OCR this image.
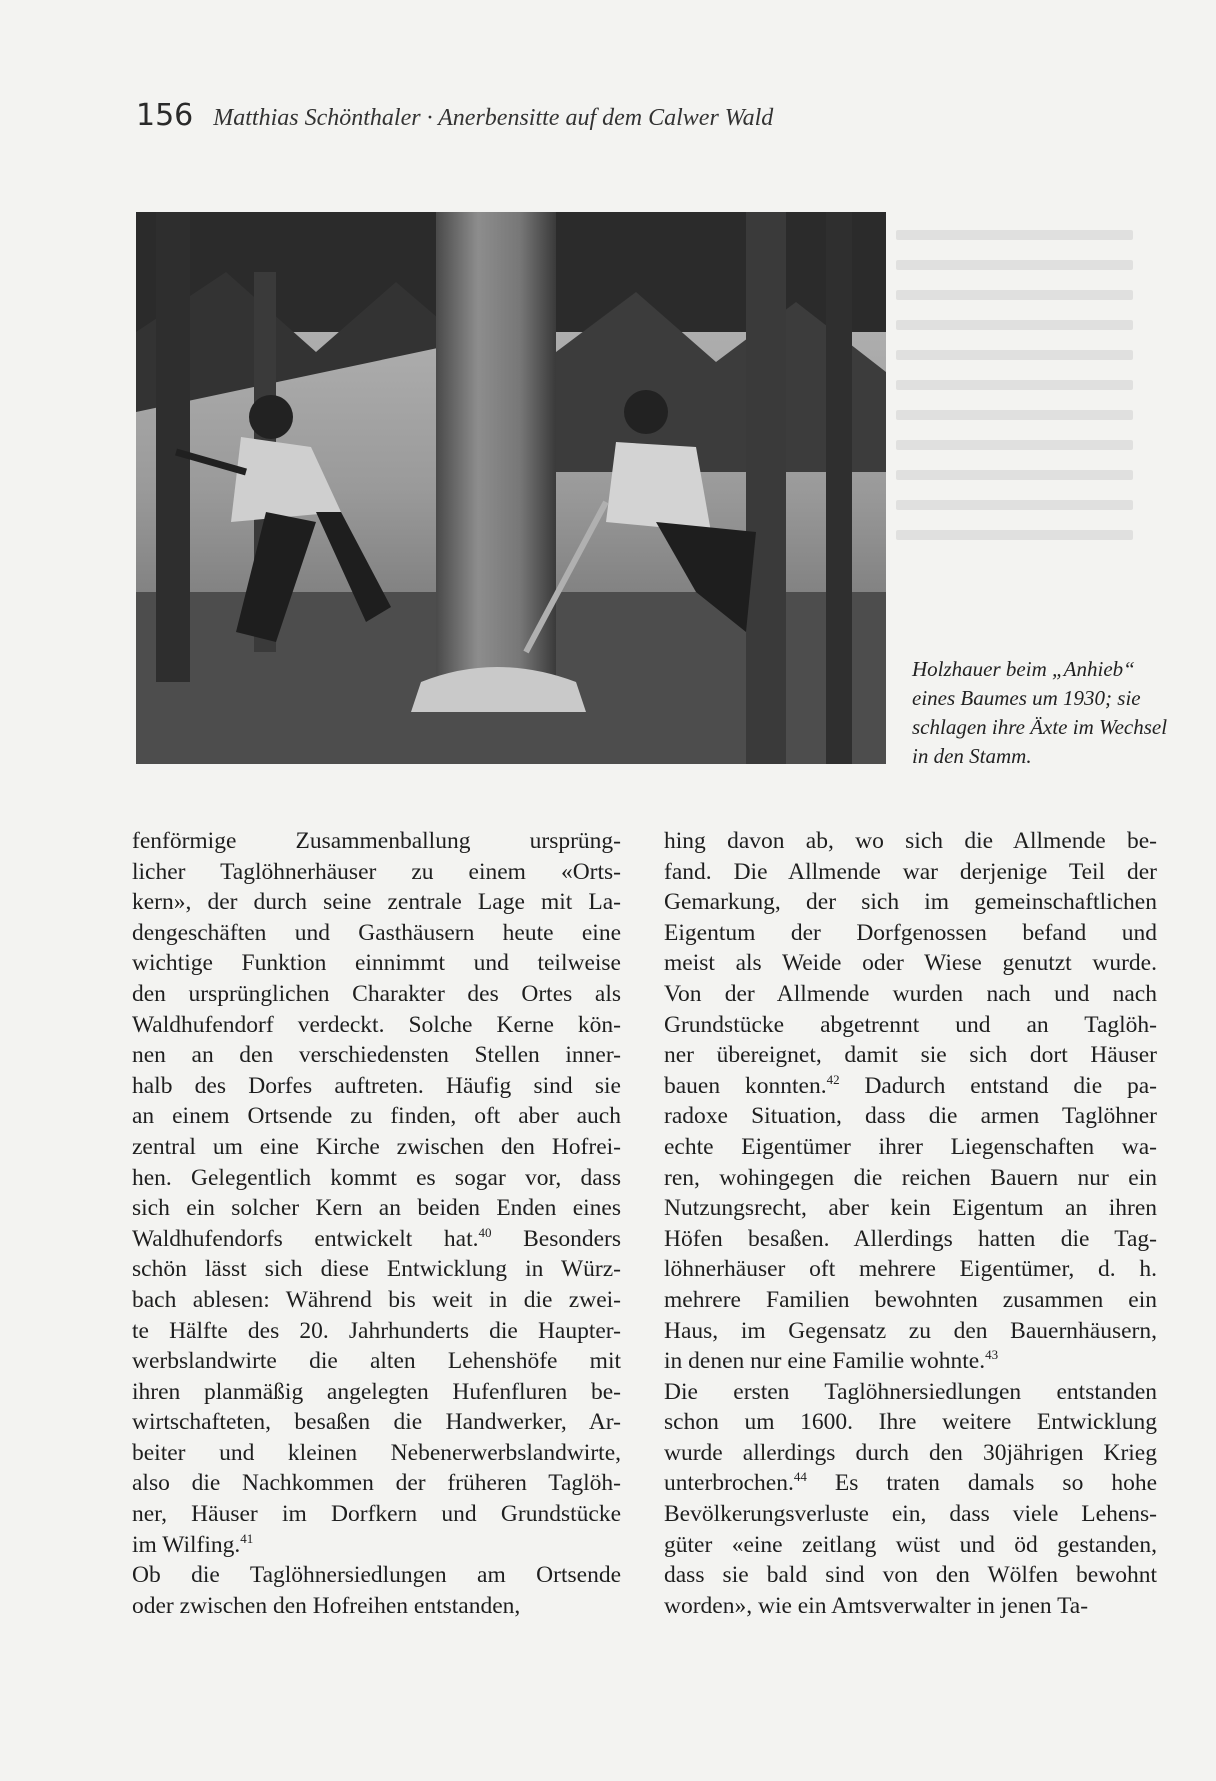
156 Matthias Schönthaler · Anerbensitte auf dem Calwer Wald

Holzhauer beim „Anhieb“

eines Baumes um 1930; sie

schlagen ihre Äxte im Wechsel

in den Stamm.

fenförmige Zusammenballung ursprüng-
licher Taglöhnerhäuser zu einem «Orts-
kern», der durch seine zentrale Lage mit La-
dengeschäften und Gasthäusern heute eine
wichtige Funktion einnimmt und teilweise
den ursprünglichen Charakter des Ortes als
Waldhufendorf verdeckt. Solche Kerne kön-
nen an den verschiedensten Stellen inner-
halb des Dorfes auftreten. Häufig sind sie
an einem Ortsende zu finden, oft aber auch
zentral um eine Kirche zwischen den Hofrei-
hen. Gelegentlich kommt es sogar vor, dass
sich ein solcher Kern an beiden Enden eines
Waldhufendorfs entwickelt hat.$^{40}$ Besonders
schön lässt sich diese Entwicklung in Würz-
bach ablesen: Während bis weit in die zwei-
te Hälfte des 20. Jahrhunderts die Haupter-
werbslandwirte die alten Lehenshöfe mit
ihren planmäßig angelegten Hufenfluren be-
wirtschafteten, besaßen die Handwerker, Ar-
beiter und kleinen Nebenerwerbslandwirte,
also die Nachkommen der früheren Taglöh-
ner, Häuser im Dorfkern und Grundstücke
im Wilfing.$^{41}$
Ob die Taglöhnersiedlungen am Ortsende
oder zwischen den Hofreihen entstanden,
hing davon ab, wo sich die Allmende be-
fand. Die Allmende war derjenige Teil der
Gemarkung, der sich im gemeinschaftlichen
Eigentum der Dorfgenossen befand und
meist als Weide oder Wiese genutzt wurde.
Von der Allmende wurden nach und nach
Grundstücke abgetrennt und an Taglöh-
ner übereignet, damit sie sich dort Häuser
bauen konnten.$^{42}$ Dadurch entstand die pa-
radoxe Situation, dass die armen Taglöhner
echte Eigentümer ihrer Liegenschaften wa-
ren, wohingegen die reichen Bauern nur ein
Nutzungsrecht, aber kein Eigentum an ihren
Höfen besaßen. Allerdings hatten die Tag-
löhnerhäuser oft mehrere Eigentümer, d. h.
mehrere Familien bewohnten zusammen ein
Haus, im Gegensatz zu den Bauernhäusern,
in denen nur eine Familie wohnte.$^{43}$
Die ersten Taglöhnersiedlungen entstanden
schon um 1600. Ihre weitere Entwicklung
wurde allerdings durch den 30jährigen Krieg
unterbrochen.$^{44}$ Es traten damals so hohe
Bevölkerungsverluste ein, dass viele Lehens-
güter «eine zeitlang wüst und öd gestanden,
dass sie bald sind von den Wölfen bewohnt
worden», wie ein Amtsverwalter in jenen Ta-
